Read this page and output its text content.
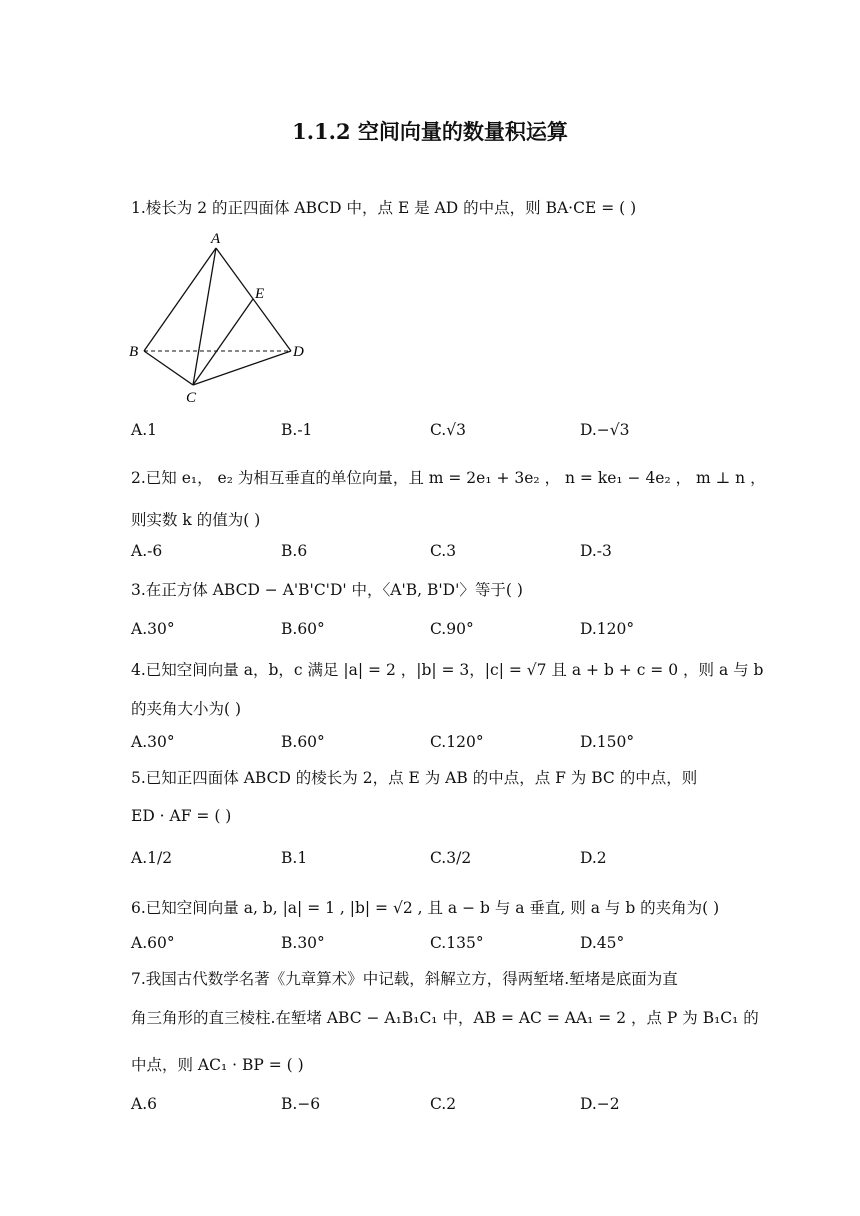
1.1.2 空间向量的数量积运算
1.棱长为 2 的正四面体 ABCD 中，点 E 是 AD 的中点，则 BA·CE = ( )
A
B
C
D
E
A.1	B.-1	C.√3	D.−√3
2.已知 e₁， e₂ 为相互垂直的单位向量，且 m = 2e₁ + 3e₂ ， n = ke₁ − 4e₂ ， m ⊥ n ，
则实数 k 的值为( )
A.-6	B.6	C.3	D.-3
3.在正方体 ABCD − A'B'C'D' 中，〈A'B, B'D'〉等于( )
A.30°	B.60°	C.90°	D.120°
4.已知空间向量 a，b，c 满足 |a| = 2 ，|b| = 3，|c| = √7 且 a + b + c = 0 ，则 a 与 b
的夹角大小为( )
A.30°	B.60°	C.120°	D.150°
5.已知正四面体 ABCD 的棱长为 2，点 E 为 AB 的中点，点 F 为 BC 的中点，则
ED · AF = ( )
A.1/2	B.1	C.3/2	D.2
6.已知空间向量 a, b, |a| = 1 , |b| = √2 , 且 a − b 与 a 垂直, 则 a 与 b 的夹角为( )
A.60°	B.30°	C.135°	D.45°
7.我国古代数学名著《九章算术》中记载，斜解立方，得两堑堵.堑堵是底面为直
角三角形的直三棱柱.在堑堵 ABC − A₁B₁C₁ 中，AB = AC = AA₁ = 2 ，点 P 为 B₁C₁ 的
中点，则 AC₁ · BP = ( )
A.6	B.−6	C.2	D.−2
